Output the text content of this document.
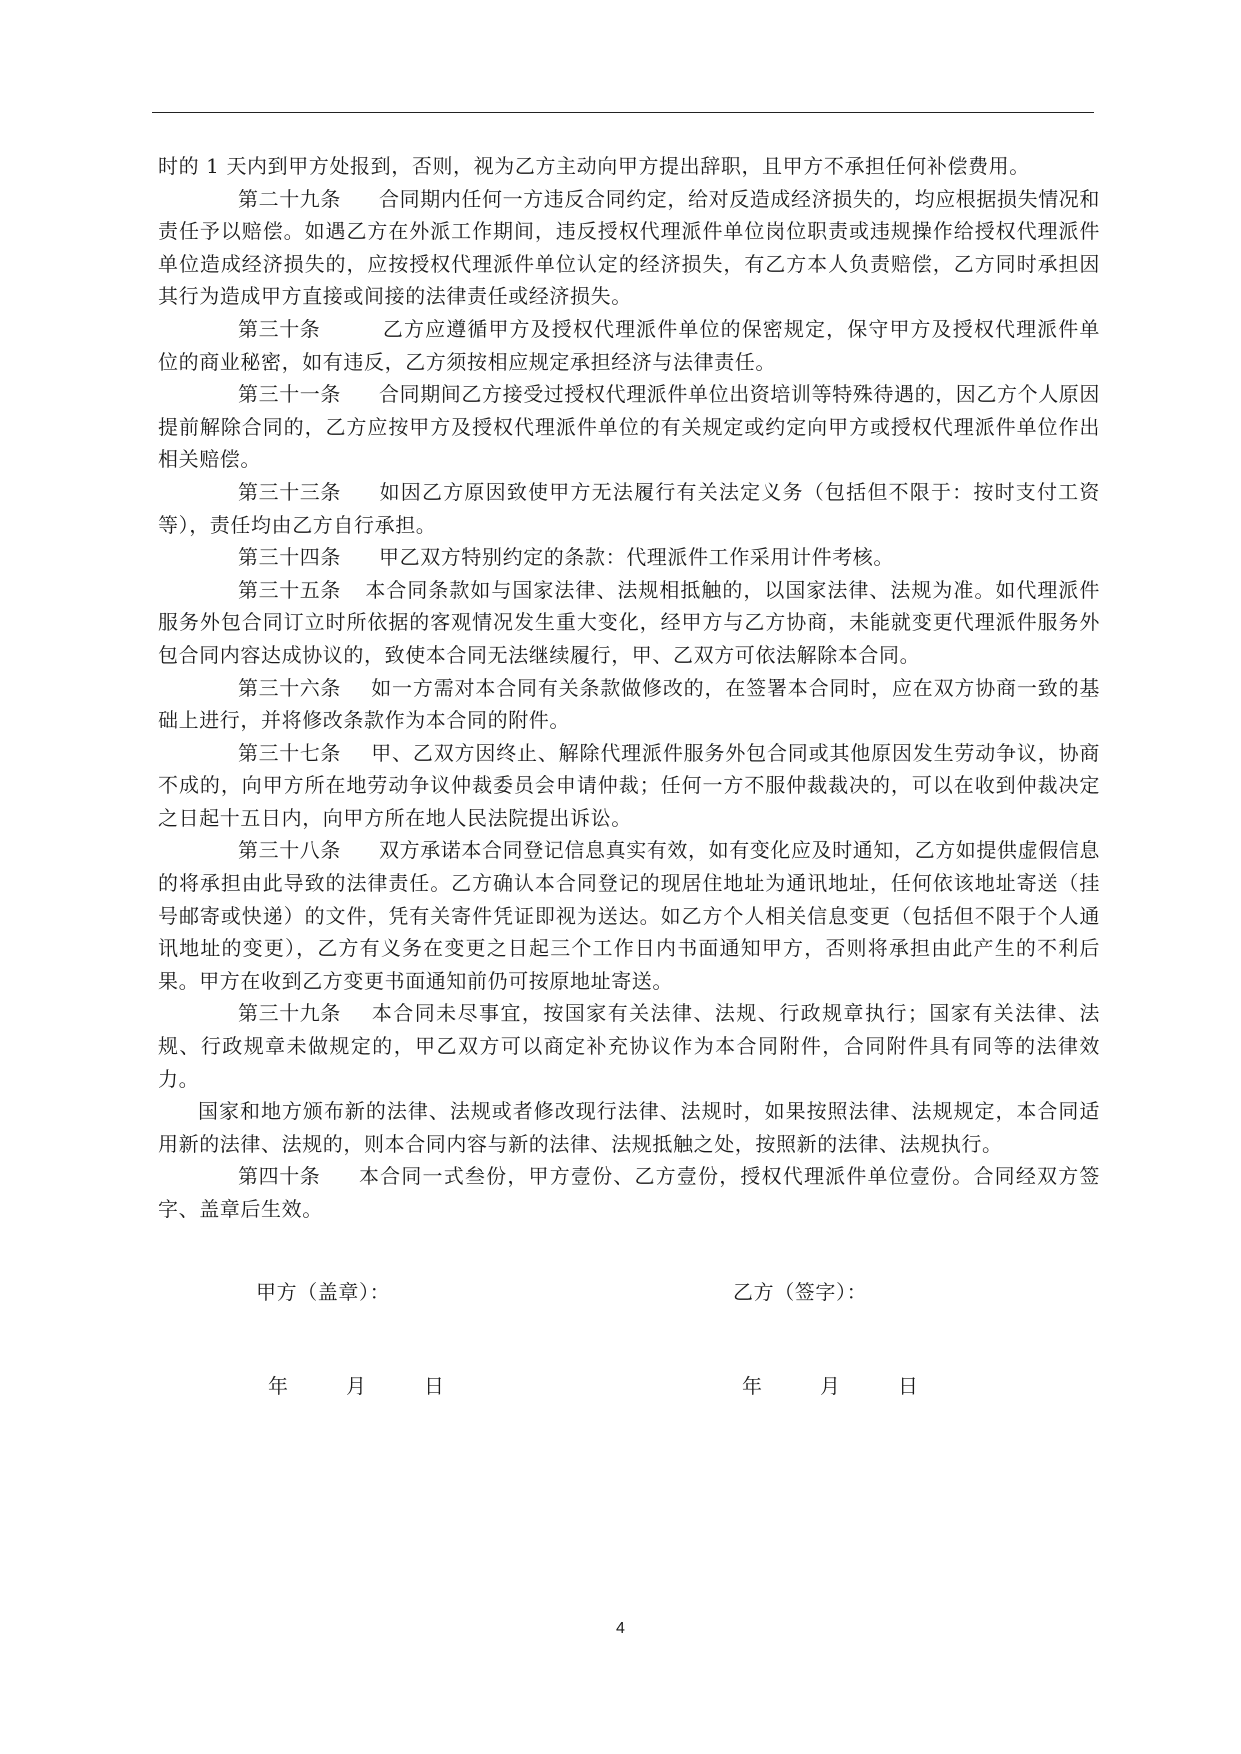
时的 1 天内到甲方处报到，否则，视为乙方主动向甲方提出辞职，且甲方不承担任何补偿费用。

第二十九条 合同期内任何一方违反合同约定，给对反造成经济损失的，均应根据损失情况和责任予以赔偿。如遇乙方在外派工作期间，违反授权代理派件单位岗位职责或违规操作给授权代理派件单位造成经济损失的，应按授权代理派件单位认定的经济损失，有乙方本人负责赔偿，乙方同时承担因其行为造成甲方直接或间接的法律责任或经济损失。

第三十条	乙方应遵循甲方及授权代理派件单位的保密规定，保守甲方及授权代理派件单位的商业秘密，如有违反，乙方须按相应规定承担经济与法律责任。

第三十一条 合同期间乙方接受过授权代理派件单位出资培训等特殊待遇的，因乙方个人原因提前解除合同的，乙方应按甲方及授权代理派件单位的有关规定或约定向甲方或授权代理派件单位作出相关赔偿。

第三十三条 如因乙方原因致使甲方无法履行有关法定义务（包括但不限于：按时支付工资等），责任均由乙方自行承担。

第三十四条 甲乙双方特别约定的条款：代理派件工作采用计件考核。

第三十五条 本合同条款如与国家法律、法规相抵触的，以国家法律、法规为准。如代理派件服务外包合同订立时所依据的客观情况发生重大变化，经甲方与乙方协商，未能就变更代理派件服务外包合同内容达成协议的，致使本合同无法继续履行，甲、乙双方可依法解除本合同。

第三十六条 如一方需对本合同有关条款做修改的，在签署本合同时，应在双方协商一致的基础上进行，并将修改条款作为本合同的附件。

第三十七条 甲、乙双方因终止、解除代理派件服务外包合同或其他原因发生劳动争议，协商不成的，向甲方所在地劳动争议仲裁委员会申请仲裁；任何一方不服仲裁裁决的，可以在收到仲裁决定之日起十五日内，向甲方所在地人民法院提出诉讼。

第三十八条 双方承诺本合同登记信息真实有效，如有变化应及时通知，乙方如提供虚假信息的将承担由此导致的法律责任。乙方确认本合同登记的现居住地址为通讯地址，任何依该地址寄送（挂号邮寄或快递）的文件，凭有关寄件凭证即视为送达。如乙方个人相关信息变更（包括但不限于个人通讯地址的变更），乙方有义务在变更之日起三个工作日内书面通知甲方，否则将承担由此产生的不利后果。甲方在收到乙方变更书面通知前仍可按原地址寄送。

第三十九条 本合同未尽事宜，按国家有关法律、法规、行政规章执行；国家有关法律、法规、行政规章未做规定的，甲乙双方可以商定补充协议作为本合同附件，合同附件具有同等的法律效力。

国家和地方颁布新的法律、法规或者修改现行法律、法规时，如果按照法律、法规规定，本合同适用新的法律、法规的，则本合同内容与新的法律、法规抵触之处，按照新的法律、法规执行。

第四十条 本合同一式叁份，甲方壹份、乙方壹份，授权代理派件单位壹份。合同经双方签字、盖章后生效。

甲方（盖章）：	乙方（签字）：
年	月	日	年	月	日
4
